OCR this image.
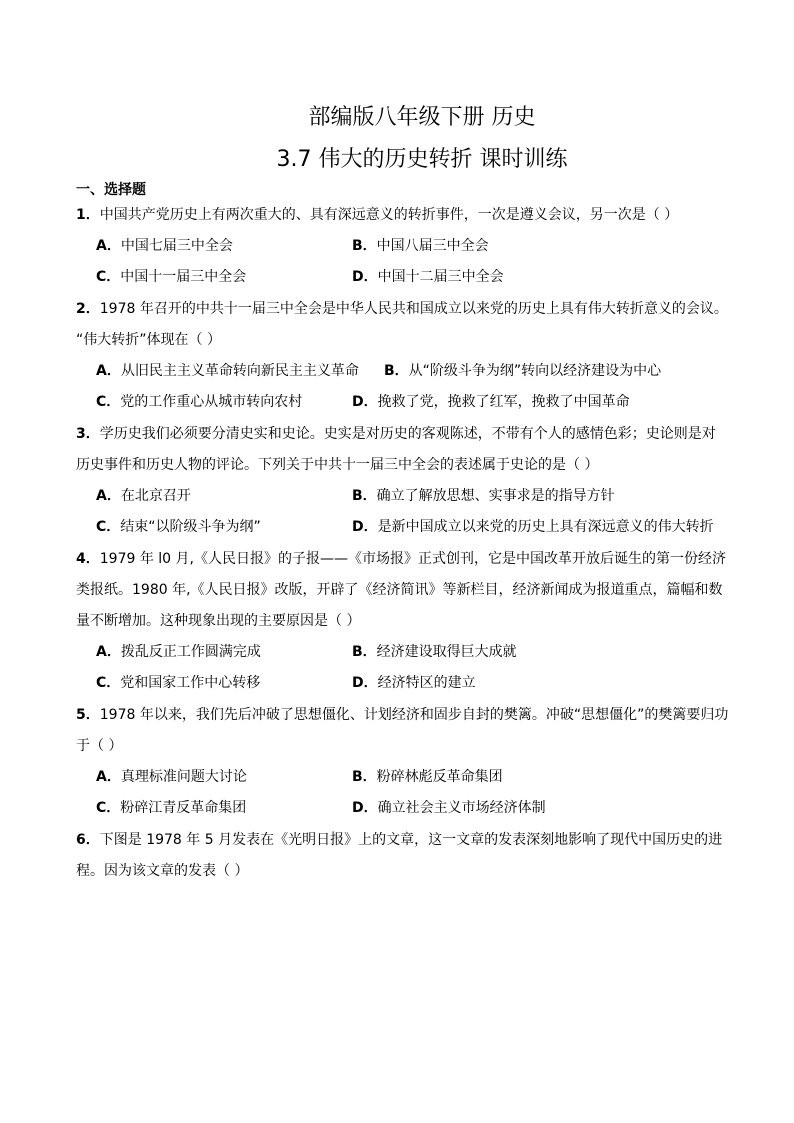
部编版八年级下册 历史
3.7 伟大的历史转折 课时训练
一、选择题
1．中国共产党历史上有两次重大的、具有深远意义的转折事件，一次是遵义会议，另一次是（ ）
A．中国七届三中全会	B．中国八届三中全会
C．中国十一届三中全会	D．中国十二届三中全会
2．1978 年召开的中共十一届三中全会是中华人民共和国成立以来党的历史上具有伟大转折意义的会议。
“伟大转折”体现在（ ）
A．从旧民主主义革命转向新民主主义革命 B．从“阶级斗争为纲”转向以经济建设为中心
C．党的工作重心从城市转向农村	D．挽救了党，挽救了红军，挽救了中国革命
3．学历史我们必须要分清史实和史论。史实是对历史的客观陈述，不带有个人的感情色彩；史论则是对
历史事件和历史人物的评论。下列关于中共十一届三中全会的表述属于史论的是（ ）
A．在北京召开	B．确立了解放思想、实事求是的指导方针
C．结束“以阶级斗争为纲”	D．是新中国成立以来党的历史上具有深远意义的伟大转折
4．1979 年 l0 月,《人民日报》的子报——《市场报》正式创刊，它是中国改革开放后诞生的第一份经济
类报纸。1980 年,《人民日报》改版，开辟了《经济简讯》等新栏目，经济新闻成为报道重点，篇幅和数
量不断增加。这种现象出现的主要原因是（ ）
A．拨乱反正工作圆满完成	B．经济建设取得巨大成就
C．党和国家工作中心转移	D．经济特区的建立
5．1978 年以来，我们先后冲破了思想僵化、计划经济和固步自封的樊篱。冲破“思想僵化”的樊篱要归功
于（ ）
A．真理标准问题大讨论	B．粉碎林彪反革命集团
C．粉碎江青反革命集团	D．确立社会主义市场经济体制
6．下图是 1978 年 5 月发表在《光明日报》上的文章，这一文章的发表深刻地影响了现代中国历史的进
程。因为该文章的发表（ ）
